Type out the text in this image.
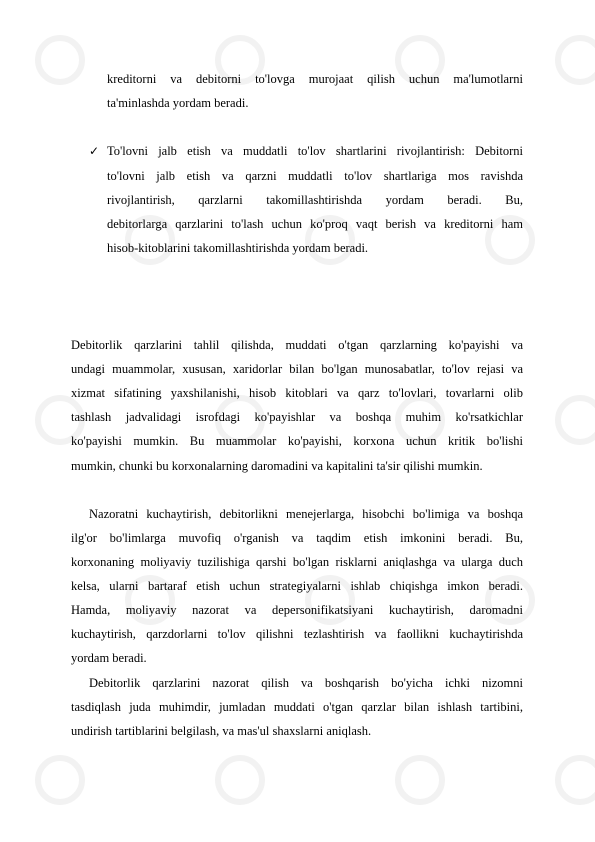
kreditorni va debitorni to'lovga murojaat qilish uchun ma'lumotlarni
ta'minlashda yordam beradi.
✓ To'lovni jalb etish va muddatli to'lov shartlarini rivojlantirish: Debitorni
to'lovni jalb etish va qarzni muddatli to'lov shartlariga mos ravishda
rivojlantirish, qarzlarni takomillashtirishda yordam beradi. Bu,
debitorlarga qarzlarini to'lash uchun ko'proq vaqt berish va kreditorni ham
hisob-kitoblarini takomillashtirishda yordam beradi.
Debitorlik qarzlarini tahlil qilishda, muddati o'tgan qarzlarning ko'payishi va
undagi muammolar, xususan, xaridorlar bilan bo'lgan munosabatlar, to'lov rejasi va
xizmat sifatining yaxshilanishi, hisob kitoblari va qarz to'lovlari, tovarlarni olib
tashlash jadvalidagi isrofdagi ko'payishlar va boshqa muhim ko'rsatkichlar
ko'payishi mumkin. Bu muammolar ko'payishi, korxona uchun kritik bo'lishi
mumkin, chunki bu korxonalarning daromadini va kapitalini ta'sir qilishi mumkin.
Nazoratni kuchaytirish, debitorlikni menejerlarga, hisobchi bo'limiga va boshqa
ilg'or bo'limlarga muvofiq o'rganish va taqdim etish imkonini beradi. Bu,
korxonaning moliyaviy tuzilishiga qarshi bo'lgan risklarni aniqlashga va ularga duch
kelsa, ularni bartaraf etish uchun strategiyalarni ishlab chiqishga imkon beradi.
Hamda, moliyaviy nazorat va depersonifikatsiyani kuchaytirish, daromadni
kuchaytirish, qarzdorlarni to'lov qilishni tezlashtirish va faollikni kuchaytirishda
yordam beradi.
Debitorlik qarzlarini nazorat qilish va boshqarish bo'yicha ichki nizomni
tasdiqlash juda muhimdir, jumladan muddati o'tgan qarzlar bilan ishlash tartibini,
undirish tartiblarini belgilash, va mas'ul shaxslarni aniqlash.
